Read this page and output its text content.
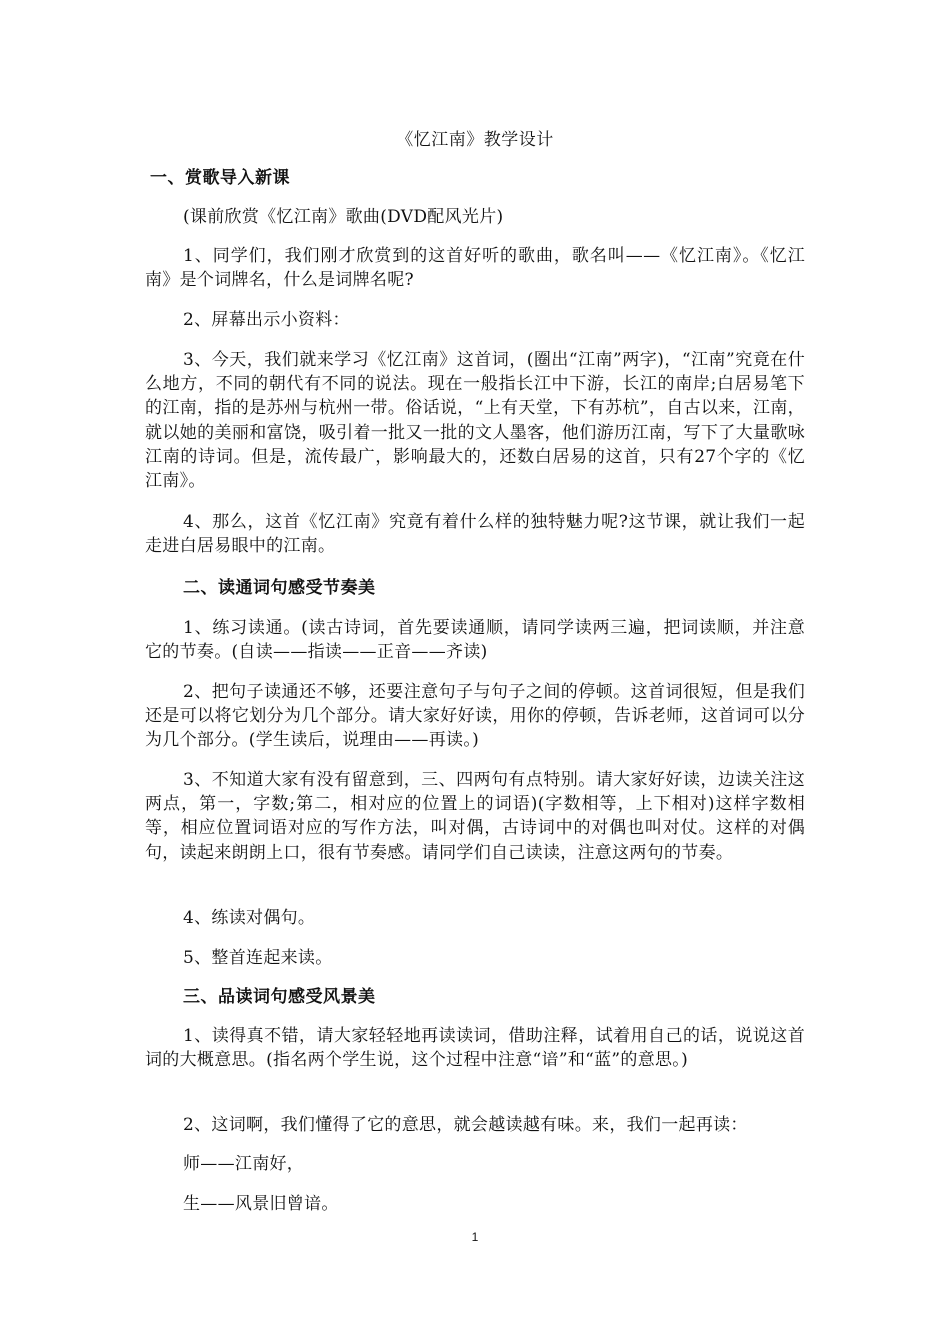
《忆江南》教学设计
一、赏歌导入新课

(课前欣赏《忆江南》歌曲(DVD配风光片)

1、同学们，我们刚才欣赏到的这首好听的歌曲，歌名叫——《忆江南》。《忆江南》是个词牌名，什么是词牌名呢?

2、屏幕出示小资料：

3、今天，我们就来学习《忆江南》这首词，(圈出“江南”两字)，“江南”究竟在什么地方，不同的朝代有不同的说法。现在一般指长江中下游，长江的南岸;白居易笔下的江南，指的是苏州与杭州一带。俗话说，“上有天堂，下有苏杭”，自古以来，江南，就以她的美丽和富饶，吸引着一批又一批的文人墨客，他们游历江南，写下了大量歌咏江南的诗词。但是，流传最广，影响最大的，还数白居易的这首，只有27个字的《忆江南》。

4、那么，这首《忆江南》究竟有着什么样的独特魅力呢?这节课，就让我们一起走进白居易眼中的江南。

二、读通词句感受节奏美

1、练习读通。(读古诗词，首先要读通顺，请同学读两三遍，把词读顺，并注意它的节奏。(自读——指读——正音——齐读)

2、把句子读通还不够，还要注意句子与句子之间的停顿。这首词很短，但是我们还是可以将它划分为几个部分。请大家好好读，用你的停顿，告诉老师，这首词可以分为几个部分。(学生读后，说理由——再读。)

3、不知道大家有没有留意到，三、四两句有点特别。请大家好好读，边读关注这两点，第一，字数;第二，相对应的位置上的词语)(字数相等，上下相对)这样字数相等，相应位置词语对应的写作方法，叫对偶，古诗词中的对偶也叫对仗。这样的对偶句，读起来朗朗上口，很有节奏感。请同学们自己读读，注意这两句的节奏。

4、练读对偶句。

5、整首连起来读。

三、品读词句感受风景美

1、读得真不错，请大家轻轻地再读读词，借助注释，试着用自己的话，说说这首词的大概意思。(指名两个学生说，这个过程中注意“谙”和“蓝”的意思。)

2、这词啊，我们懂得了它的意思，就会越读越有味。来，我们一起再读：

师——江南好，

生——风景旧曾谙。

1
